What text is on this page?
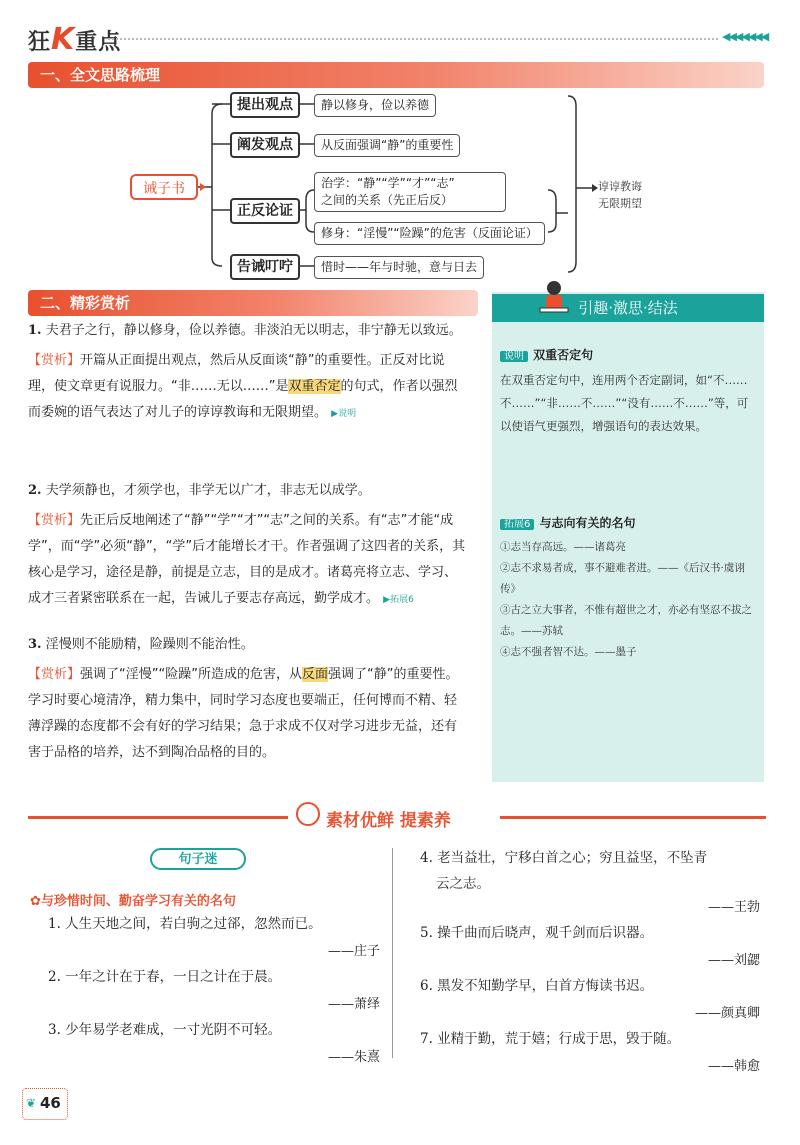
狂K重点	◀◀◀◀◀◀◀
一、全文思路梳理
诫子书
提出观点	静以修身，俭以养德
阐发观点	从反面强调“静”的重要性
正反论证
治学：“静”“学”“才”“志”
之间的关系（先正后反）
修身：“淫慢”“险躁”的危害（反面论证）
告诫叮咛	惜时——年与时驰，意与日去
谆谆教诲
无限期望
二、精彩赏析
1. 夫君子之行，静以修身，俭以养德。非淡泊无以明志，非宁静无以致远。
【赏析】开篇从正面提出观点，然后从反面谈“静”的重要性。正反对比说理，使文章更有说服力。“非……无以……”是双重否定的句式，作者以强烈而委婉的语气表达了对儿子的谆谆教诲和无限期望。 ▶说明
2. 夫学须静也，才须学也，非学无以广才，非志无以成学。
【赏析】先正后反地阐述了“静”“学”“才”“志”之间的关系。有“志”才能“成学”，而“学”必须“静”，“学”后才能增长才干。作者强调了这四者的关系，其核心是学习，途径是静，前提是立志，目的是成才。诸葛亮将立志、学习、成才三者紧密联系在一起，告诫儿子要志存高远，勤学成才。 ▶拓展6
3. 淫慢则不能励精，险躁则不能治性。
【赏析】强调了“淫慢”“险躁”所造成的危害，从反面强调了“静”的重要性。学习时要心境清净，精力集中，同时学习态度也要端正，任何博而不精、轻薄浮躁的态度都不会有好的学习结果；急于求成不仅对学习进步无益，还有害于品格的培养，达不到陶冶品格的目的。
引趣·激思·结法
说明 双重否定句
在双重否定句中，连用两个否定副词，如“不……不……”“非……不……”“没有……不……”等，可以使语气更强烈，增强语句的表达效果。
拓展6 与志向有关的名句
①志当存高远。——诸葛亮
②志不求易者成，事不避难者进。——《后汉书·虞诩传》
③古之立大事者，不惟有超世之才，亦必有坚忍不拔之志。——苏轼
④志不强者智不达。——墨子
素材优鲜 提素养
句子迷
✿与珍惜时间、勤奋学习有关的名句
1. 人生天地之间，若白驹之过郤，忽然而已。
——庄子
2. 一年之计在于春，一日之计在于晨。
——萧绎
3. 少年易学老难成，一寸光阴不可轻。
——朱熹
4. 老当益壮，宁移白首之心；穷且益坚，不坠青
云之志。
——王勃
5. 操千曲而后晓声，观千剑而后识器。
——刘勰
6. 黑发不知勤学早，白首方悔读书迟。
——颜真卿
7. 业精于勤，荒于嬉；行成于思，毁于随。
——韩愈
❦ 46
